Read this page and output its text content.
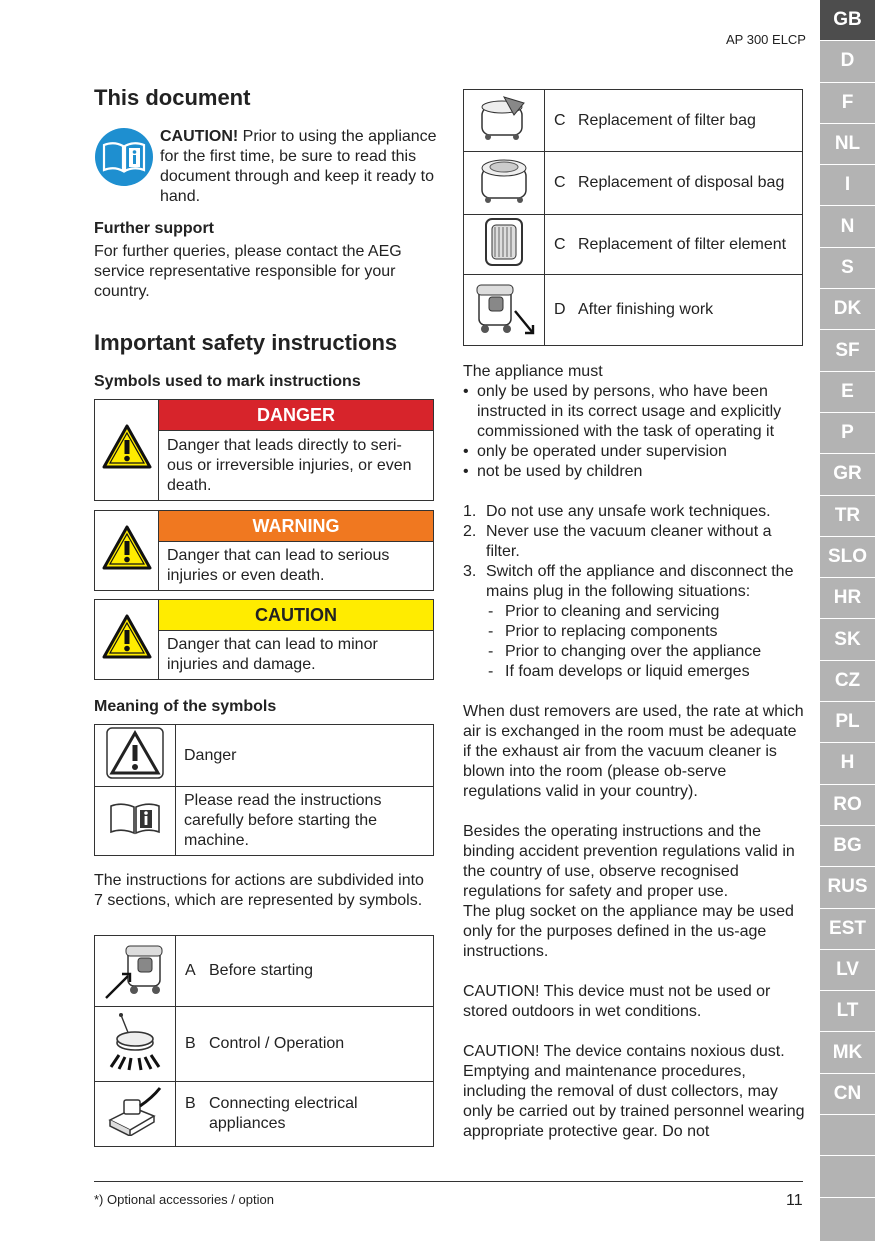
AP 300 ELCP
GB
D
F
NL
I
N
S
DK
SF
E
P
GR
TR
SLO
HR
SK
CZ
PL
H
RO
BG
RUS
EST
LV
LT
MK
CN
This document
CAUTION! Prior to using the appliance for the first time, be sure to read this document through and keep it ready to hand.
Further support
For further queries, please contact the AEG service representative responsible for your country.
Important safety instructions
Symbols used to mark instructions
	DANGER
Danger that leads directly to seri-ous or irreversible injuries, or even death.
	WARNING
Danger that can lead to serious injuries or even death.
	CAUTION
Danger that can lead to minor injuries and damage.
Meaning of the symbols
	Danger
	Please read the instructions carefully before starting the machine.
The instructions for actions are subdivided into 7 sections, which are represented by symbols.
	A Before starting
	B Control / Operation

B Connecting electrical appliances
	C Replacement of filter bag
	C Replacement of disposal bag
	C Replacement of filter element
	D After finishing work
The appliance must
• only be used by persons, who have been instructed in its correct usage and explicitly commissioned with the task of operating it
• only be operated under supervision
• not be used by children
1. Do not use any unsafe work techniques.
2. Never use the vacuum cleaner without a filter.
3. Switch off the appliance and disconnect the mains plug in the following situations:
- Prior to cleaning and servicing
- Prior to replacing components
- Prior to changing over the appliance
- If foam develops or liquid emerges
When dust removers are used, the rate at which air is exchanged in the room must be adequate if the exhaust air from the vacuum cleaner is blown into the room (please ob-serve regulations valid in your country).
Besides the operating instructions and the binding accident prevention regulations valid in the country of use, observe recognised regulations for safety and proper use.
The plug socket on the appliance may be used only for the purposes defined in the us-age instructions.
CAUTION! This device must not be used or stored outdoors in wet conditions.
CAUTION! The device contains noxious dust. Emptying and maintenance procedures, including the removal of dust collectors, may only be carried out by trained personnel wearing appropriate protective gear. Do not
*) Optional accessories / option	11
